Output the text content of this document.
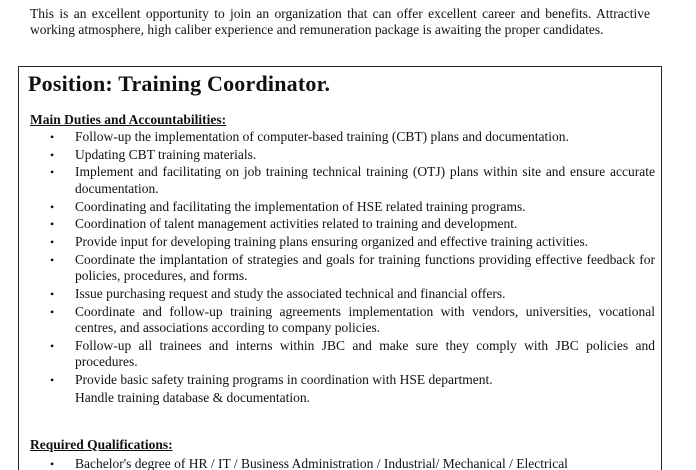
This is an excellent opportunity to join an organization that can offer excellent career and benefits. Attractive working atmosphere, high caliber experience and remuneration package is awaiting the proper candidates.
Position: Training Coordinator.
Main Duties and Accountabilities:
• Follow-up the implementation of computer-based training (CBT) plans and documentation.
• Updating CBT training materials.
• Implement and facilitating on job training technical training (OTJ) plans within site and ensure accurate documentation.
• Coordinating and facilitating the implementation of HSE related training programs.
• Coordination of talent management activities related to training and development.
• Provide input for developing training plans ensuring organized and effective training activities.
• Coordinate the implantation of strategies and goals for training functions providing effective feedback for policies, procedures, and forms.
• Issue purchasing request and study the associated technical and financial offers.
• Coordinate and follow-up training agreements implementation with vendors, universities, vocational centres, and associations according to company policies.
• Follow-up all trainees and interns within JBC and make sure they comply with JBC policies and procedures.
• Provide basic safety training programs in coordination with HSE department.
Handle training database & documentation.
Required Qualifications:
• Bachelor's degree of HR / IT / Business Administration / Industrial/ Mechanical / Electrical
